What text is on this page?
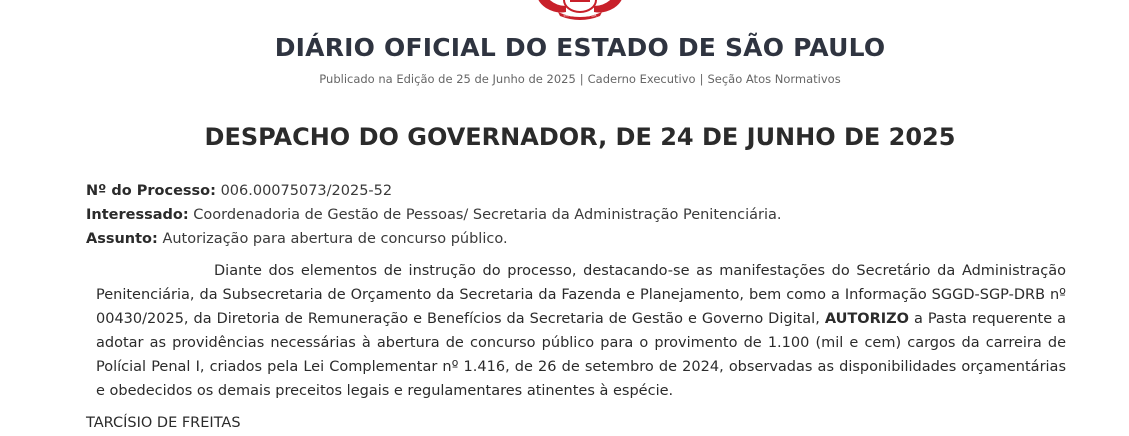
BRASILIA FUNDADA
DIÁRIO OFICIAL DO ESTADO DE SÃO PAULO
Publicado na Edição de 25 de Junho de 2025 | Caderno Executivo | Seção Atos Normativos
DESPACHO DO GOVERNADOR, DE 24 DE JUNHO DE 2025
Nº do Processo: 006.00075073/2025-52
Interessado: Coordenadoria de Gestão de Pessoas/ Secretaria da Administração Penitenciária.
Assunto: Autorização para abertura de concurso público.

Diante dos elementos de instrução do processo, destacando-se as manifestações do Secretário da Administração Penitenciária, da Subsecretaria de Orçamento da Secretaria da Fazenda e Planejamento, bem como a Informação SGGD-SGP-DRB nº 00430/2025, da Diretoria de Remuneração e Benefícios da Secretaria de Gestão e Governo Digital, AUTORIZO a Pasta requerente a adotar as providências necessárias à abertura de concurso público para o provimento de 1.100 (mil e cem) cargos da carreira de Polícial Penal I, criados pela Lei Complementar nº 1.416, de 26 de setembro de 2024, observadas as disponibilidades orçamentárias e obedecidos os demais preceitos legais e regulamentares atinentes à espécie.

TARCÍSIO DE FREITAS
